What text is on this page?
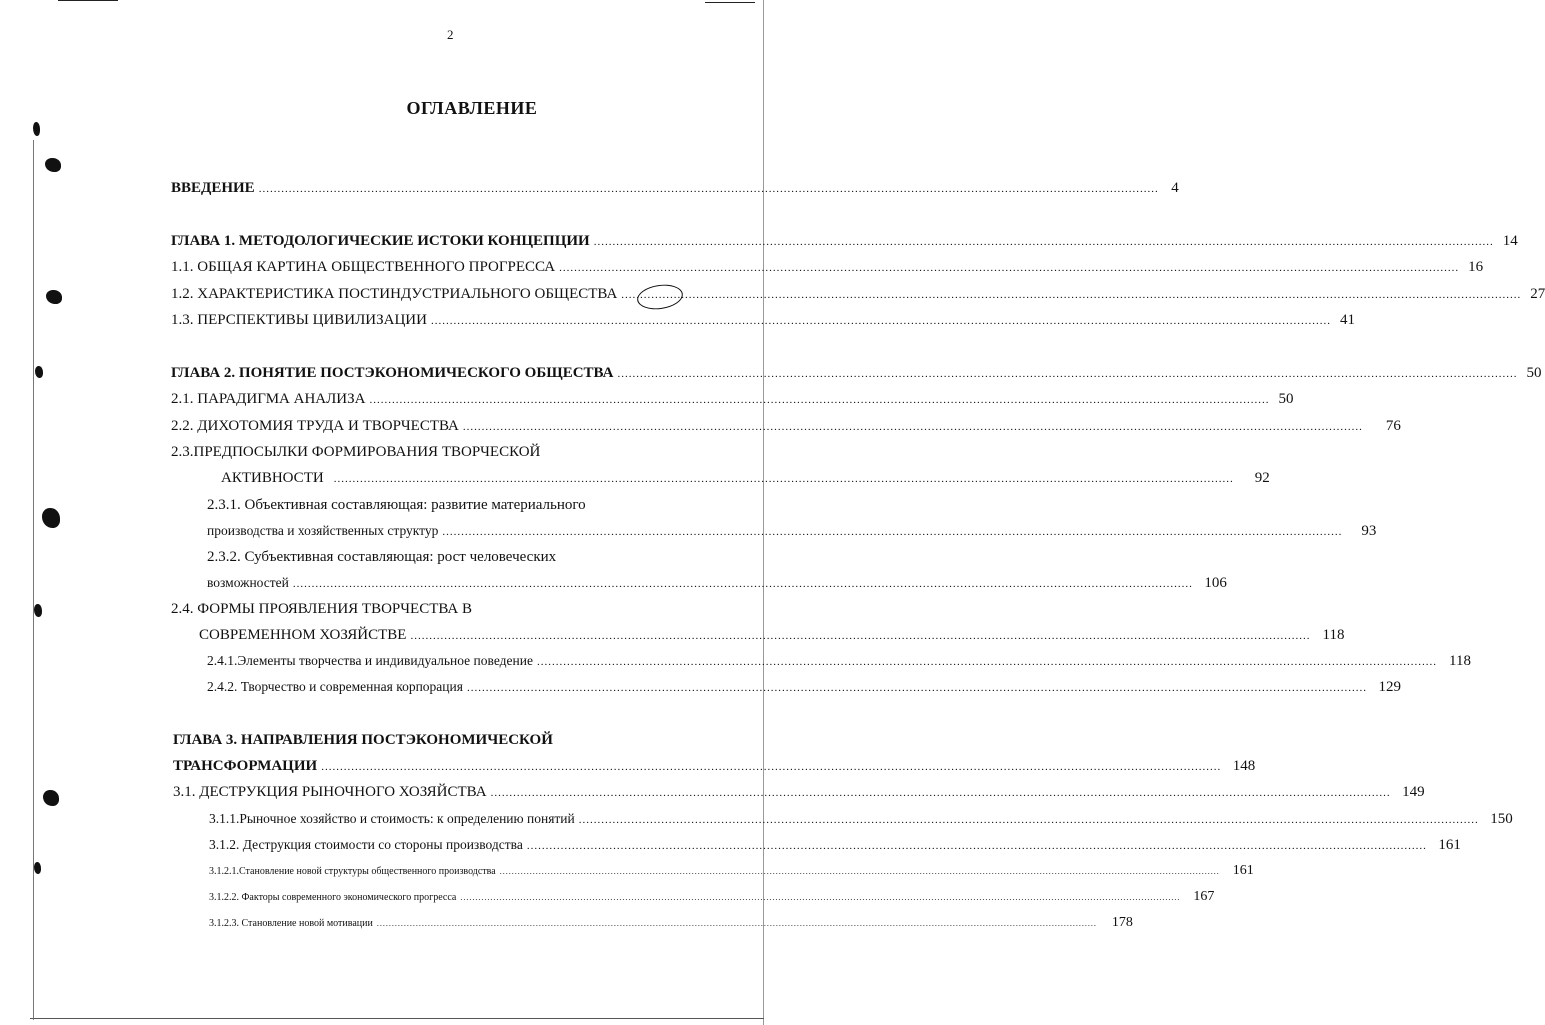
2
ОГЛАВЛЕНИЕ
ВВЕДЕНИЕ ................................................................................................................................................................................................................................................ 4
ГЛАВА 1. МЕТОДОЛОГИЧЕСКИЕ ИСТОКИ КОНЦЕПЦИИ ................................................................................................................................................................................................................................................ 14
1.1. ОБЩАЯ КАРТИНА ОБЩЕСТВЕННОГО ПРОГРЕССА ................................................................................................................................................................................................................................................ 16
1.2. ХАРАКТЕРИСТИКА ПОСТИНДУСТРИАЛЬНОГО ОБЩЕСТВА ................................................................................................................................................................................................................................................ 27
1.3. ПЕРСПЕКТИВЫ ЦИВИЛИЗАЦИИ ................................................................................................................................................................................................................................................ 41
ГЛАВА 2. ПОНЯТИЕ ПОСТЭКОНОМИЧЕСКОГО ОБЩЕСТВА ................................................................................................................................................................................................................................................ 50
2.1. ПАРАДИГМА АНАЛИЗА ................................................................................................................................................................................................................................................ 50
2.2. ДИХОТОМИЯ ТРУДА И ТВОРЧЕСТВА ................................................................................................................................................................................................................................................ 76
2.3.ПРЕДПОСЫЛКИ ФОРМИРОВАНИЯ ТВОРЧЕСКОЙ
АКТИВНОСТИ ................................................................................................................................................................................................................................................ 92
2.3.1. Объективная составляющая: развитие материального
производства и хозяйственных структур ................................................................................................................................................................................................................................................ 93
2.3.2. Субъективная составляющая: рост человеческих
возможностей ................................................................................................................................................................................................................................................ 106
2.4. ФОРМЫ ПРОЯВЛЕНИЯ ТВОРЧЕСТВА В
СОВРЕМЕННОМ ХОЗЯЙСТВЕ ................................................................................................................................................................................................................................................ 118
2.4.1.Элементы творчества и индивидуальное поведение ................................................................................................................................................................................................................................................ 118
2.4.2. Творчество и современная корпорация ................................................................................................................................................................................................................................................ 129
ГЛАВА 3. НАПРАВЛЕНИЯ ПОСТЭКОНОМИЧЕСКОЙ
ТРАНСФОРМАЦИИ ................................................................................................................................................................................................................................................ 148
3.1. ДЕСТРУКЦИЯ РЫНОЧНОГО ХОЗЯЙСТВА ................................................................................................................................................................................................................................................ 149
3.1.1.Рыночное хозяйство и стоимость: к определению понятий ................................................................................................................................................................................................................................................ 150
3.1.2. Деструкция стоимости со стороны производства ................................................................................................................................................................................................................................................ 161
3.1.2.1.Становление новой структуры общественного производства ................................................................................................................................................................................................................................................ 161
3.1.2.2. Факторы современного экономического прогресса ................................................................................................................................................................................................................................................ 167
3.1.2.3. Становление новой мотивации ................................................................................................................................................................................................................................................ 178
